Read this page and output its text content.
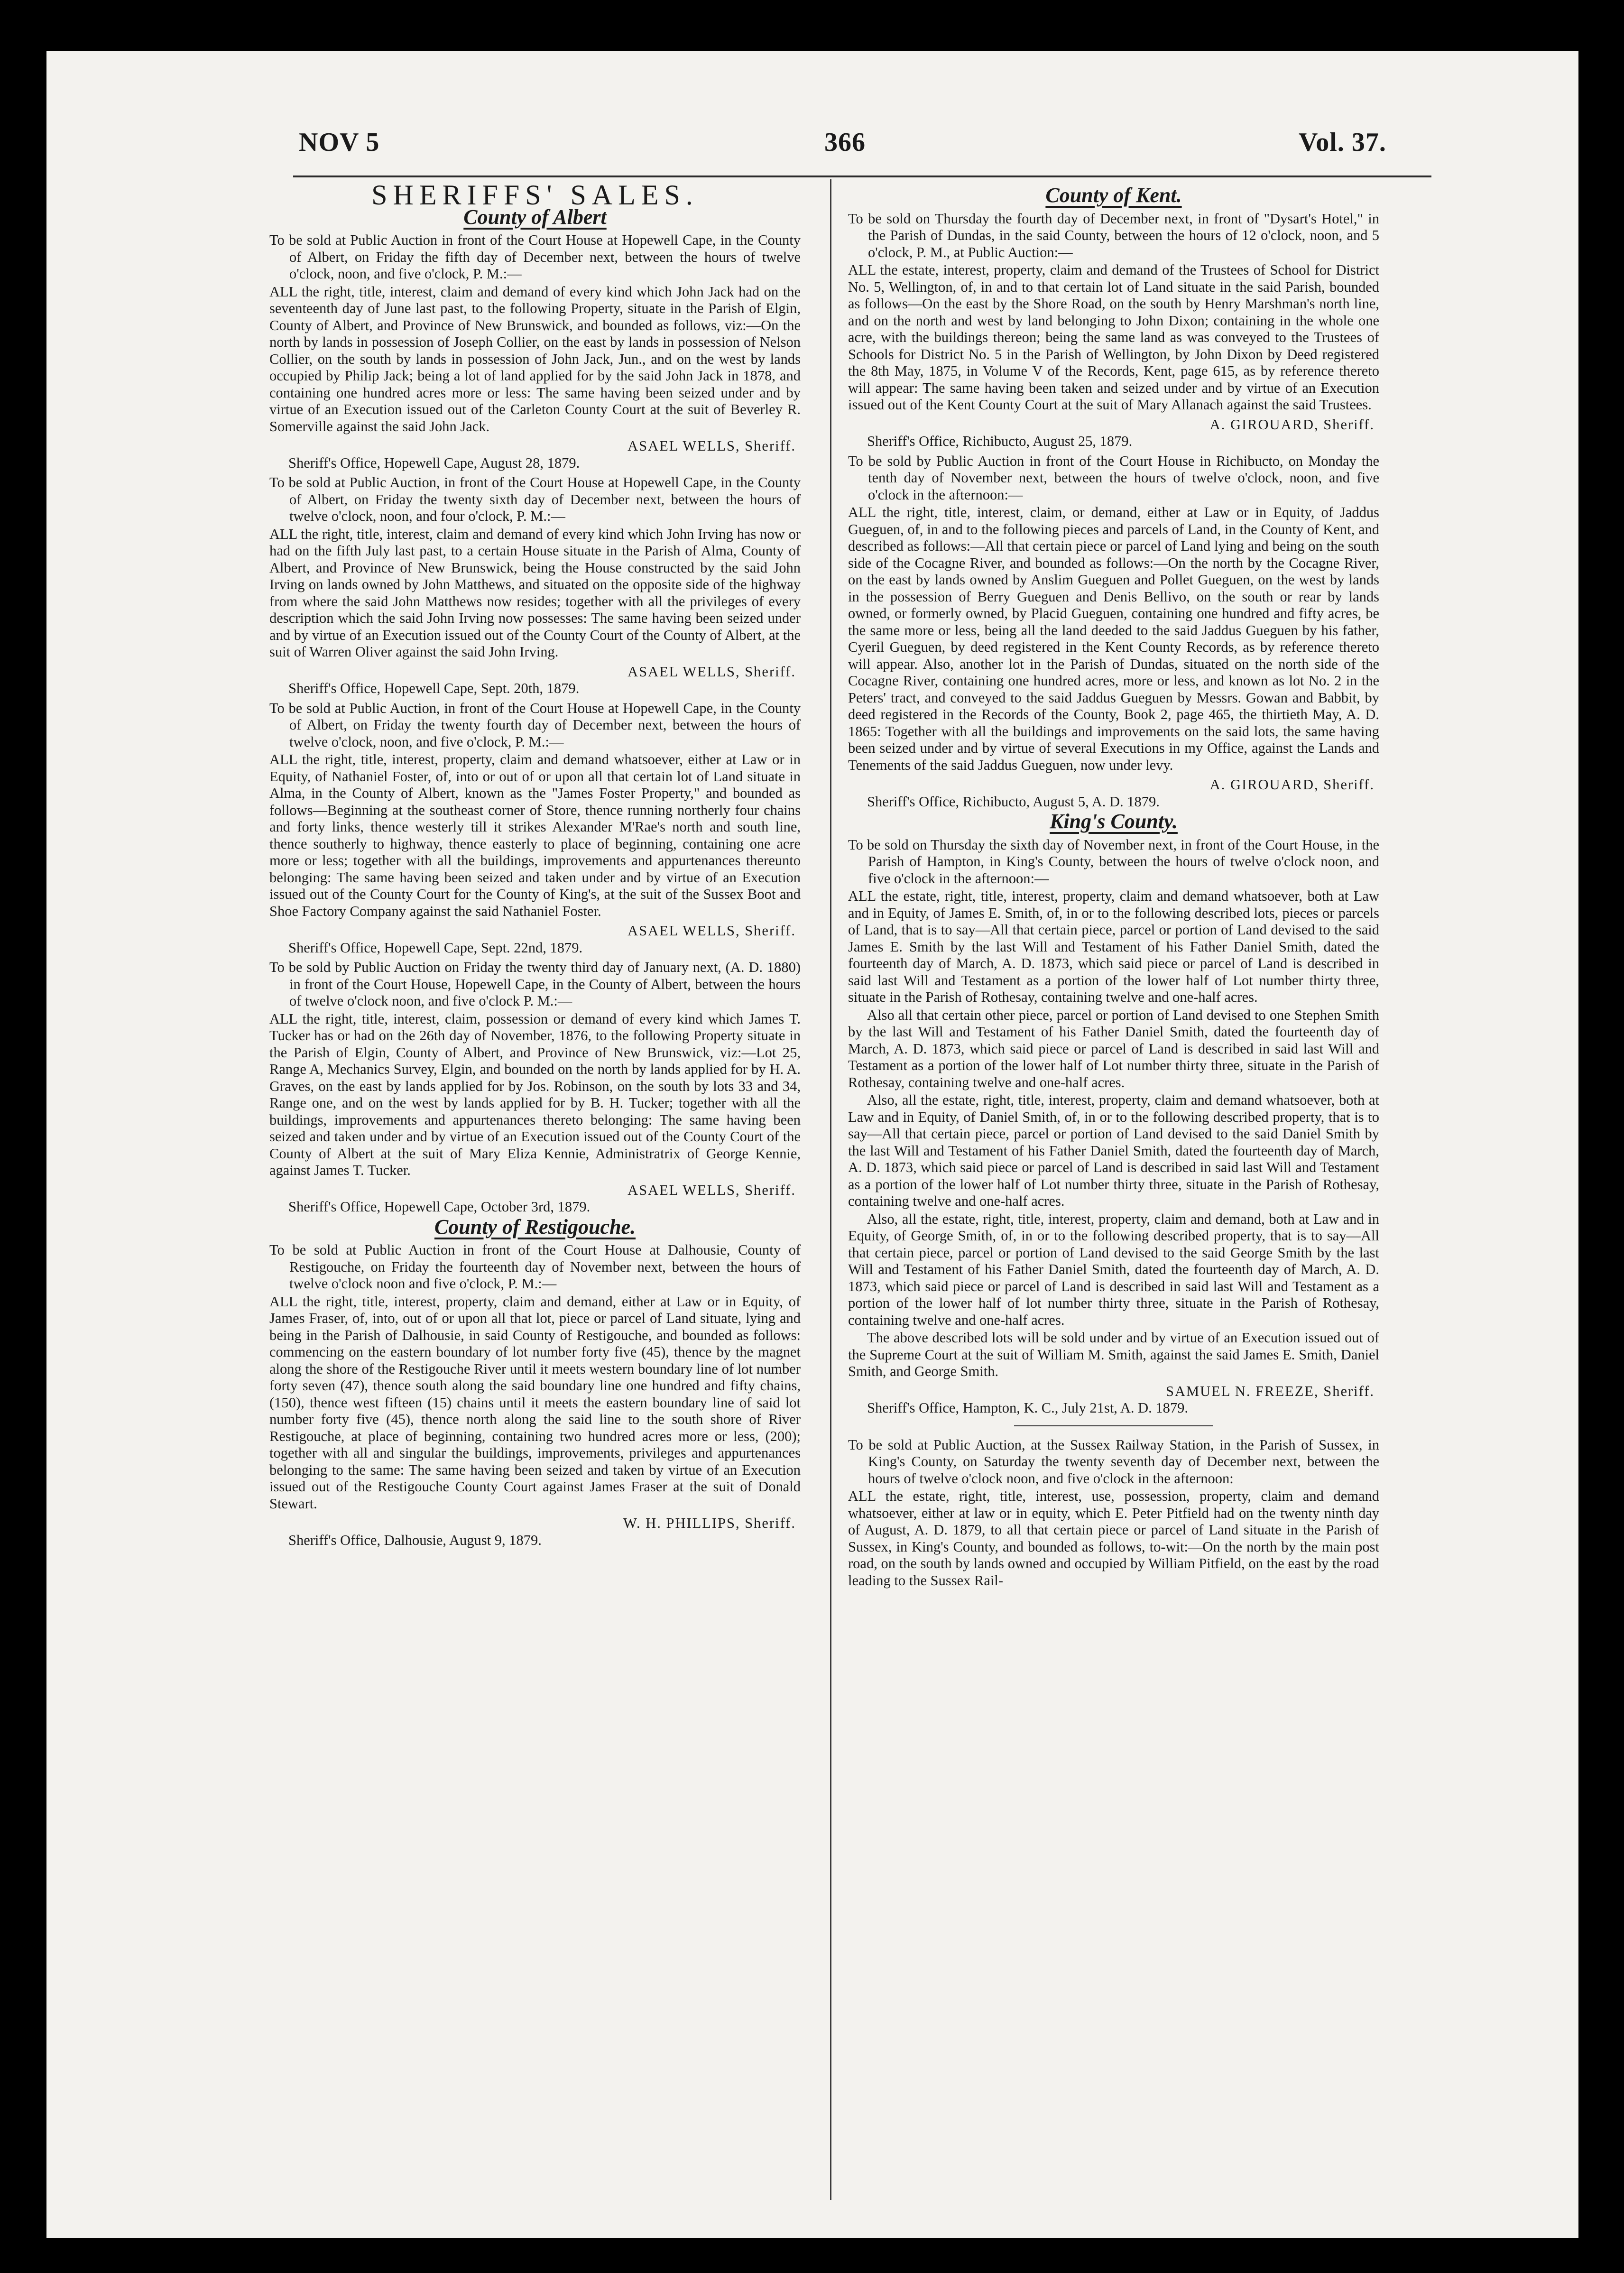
NOV 5	366	Vol. 37.
SHERIFFS' SALES.
County of Albert

To be sold at Public Auction in front of the Court House at Hopewell Cape, in the County of Albert, on Friday the fifth day of December next, between the hours of twelve o'clock, noon, and five o'clock, P. M.:—

ALL the right, title, interest, claim and demand of every kind which John Jack had on the seventeenth day of June last past, to the following Property, situate in the Parish of Elgin, County of Albert, and Province of New Brunswick, and bounded as follows, viz:—On the north by lands in possession of Joseph Collier, on the east by lands in possession of Nelson Collier, on the south by lands in possession of John Jack, Jun., and on the west by lands occupied by Philip Jack; being a lot of land applied for by the said John Jack in 1878, and containing one hundred acres more or less: The same having been seized under and by virtue of an Execution issued out of the Carleton County Court at the suit of Beverley R. Somerville against the said John Jack.

ASAEL WELLS, Sheriff.
Sheriff's Office, Hopewell Cape, August 28, 1879.

To be sold at Public Auction, in front of the Court House at Hopewell Cape, in the County of Albert, on Friday the twenty sixth day of December next, between the hours of twelve o'clock, noon, and four o'clock, P. M.:—

ALL the right, title, interest, claim and demand of every kind which John Irving has now or had on the fifth July last past, to a certain House situate in the Parish of Alma, County of Albert, and Province of New Brunswick, being the House constructed by the said John Irving on lands owned by John Matthews, and situated on the opposite side of the highway from where the said John Matthews now resides; together with all the privileges of every description which the said John Irving now possesses: The same having been seized under and by virtue of an Execution issued out of the County Court of the County of Albert, at the suit of Warren Oliver against the said John Irving.

ASAEL WELLS, Sheriff.
Sheriff's Office, Hopewell Cape, Sept. 20th, 1879.

To be sold at Public Auction, in front of the Court House at Hopewell Cape, in the County of Albert, on Friday the twenty fourth day of December next, between the hours of twelve o'clock, noon, and five o'clock, P. M.:—

ALL the right, title, interest, property, claim and demand whatsoever, either at Law or in Equity, of Nathaniel Foster, of, into or out of or upon all that certain lot of Land situate in Alma, in the County of Albert, known as the "James Foster Property," and bounded as follows—Beginning at the southeast corner of Store, thence running northerly four chains and forty links, thence westerly till it strikes Alexander M'Rae's north and south line, thence southerly to highway, thence easterly to place of beginning, containing one acre more or less; together with all the buildings, improvements and appurtenances thereunto belonging: The same having been seized and taken under and by virtue of an Execution issued out of the County Court for the County of King's, at the suit of the Sussex Boot and Shoe Factory Company against the said Nathaniel Foster.

ASAEL WELLS, Sheriff.
Sheriff's Office, Hopewell Cape, Sept. 22nd, 1879.

To be sold by Public Auction on Friday the twenty third day of January next, (A. D. 1880) in front of the Court House, Hopewell Cape, in the County of Albert, between the hours of twelve o'clock noon, and five o'clock P. M.:—

ALL the right, title, interest, claim, possession or demand of every kind which James T. Tucker has or had on the 26th day of November, 1876, to the following Property situate in the Parish of Elgin, County of Albert, and Province of New Brunswick, viz:—Lot 25, Range A, Mechanics Survey, Elgin, and bounded on the north by lands applied for by H. A. Graves, on the east by lands applied for by Jos. Robinson, on the south by lots 33 and 34, Range one, and on the west by lands applied for by B. H. Tucker; together with all the buildings, improvements and appurtenances thereto belonging: The same having been seized and taken under and by virtue of an Execution issued out of the County Court of the County of Albert at the suit of Mary Eliza Kennie, Administratrix of George Kennie, against James T. Tucker.

ASAEL WELLS, Sheriff.
Sheriff's Office, Hopewell Cape, October 3rd, 1879.
County of Restigouche.

To be sold at Public Auction in front of the Court House at Dalhousie, County of Restigouche, on Friday the fourteenth day of November next, between the hours of twelve o'clock noon and five o'clock, P. M.:—

ALL the right, title, interest, property, claim and demand, either at Law or in Equity, of James Fraser, of, into, out of or upon all that lot, piece or parcel of Land situate, lying and being in the Parish of Dalhousie, in said County of Restigouche, and bounded as follows: commencing on the eastern boundary of lot number forty five (45), thence by the magnet along the shore of the Restigouche River until it meets western boundary line of lot number forty seven (47), thence south along the said boundary line one hundred and fifty chains, (150), thence west fifteen (15) chains until it meets the eastern boundary line of said lot number forty five (45), thence north along the said line to the south shore of River Restigouche, at place of beginning, containing two hundred acres more or less, (200); together with all and singular the buildings, improvements, privileges and appurtenances belonging to the same: The same having been seized and taken by virtue of an Execution issued out of the Restigouche County Court against James Fraser at the suit of Donald Stewart.

W. H. PHILLIPS, Sheriff.
Sheriff's Office, Dalhousie, August 9, 1879.
County of Kent.

To be sold on Thursday the fourth day of December next, in front of "Dysart's Hotel," in the Parish of Dundas, in the said County, between the hours of 12 o'clock, noon, and 5 o'clock, P. M., at Public Auction:—

ALL the estate, interest, property, claim and demand of the Trustees of School for District No. 5, Wellington, of, in and to that certain lot of Land situate in the said Parish, bounded as follows—On the east by the Shore Road, on the south by Henry Marshman's north line, and on the north and west by land belonging to John Dixon; containing in the whole one acre, with the buildings thereon; being the same land as was conveyed to the Trustees of Schools for District No. 5 in the Parish of Wellington, by John Dixon by Deed registered the 8th May, 1875, in Volume V of the Records, Kent, page 615, as by reference thereto will appear: The same having been taken and seized under and by virtue of an Execution issued out of the Kent County Court at the suit of Mary Allanach against the said Trustees.

A. GIROUARD, Sheriff.
Sheriff's Office, Richibucto, August 25, 1879.

To be sold by Public Auction in front of the Court House in Richibucto, on Monday the tenth day of November next, between the hours of twelve o'clock, noon, and five o'clock in the afternoon:—

ALL the right, title, interest, claim, or demand, either at Law or in Equity, of Jaddus Gueguen, of, in and to the following pieces and parcels of Land, in the County of Kent, and described as follows:—All that certain piece or parcel of Land lying and being on the south side of the Cocagne River, and bounded as follows:—On the north by the Cocagne River, on the east by lands owned by Anslim Gueguen and Pollet Gueguen, on the west by lands in the possession of Berry Gueguen and Denis Bellivo, on the south or rear by lands owned, or formerly owned, by Placid Gueguen, containing one hundred and fifty acres, be the same more or less, being all the land deeded to the said Jaddus Gueguen by his father, Cyeril Gueguen, by deed registered in the Kent County Records, as by reference thereto will appear. Also, another lot in the Parish of Dundas, situated on the north side of the Cocagne River, containing one hundred acres, more or less, and known as lot No. 2 in the Peters' tract, and conveyed to the said Jaddus Gueguen by Messrs. Gowan and Babbit, by deed registered in the Records of the County, Book 2, page 465, the thirtieth May, A. D. 1865: Together with all the buildings and improvements on the said lots, the same having been seized under and by virtue of several Executions in my Office, against the Lands and Tenements of the said Jaddus Gueguen, now under levy.

A. GIROUARD, Sheriff.
Sheriff's Office, Richibucto, August 5, A. D. 1879.
King's County.

To be sold on Thursday the sixth day of November next, in front of the Court House, in the Parish of Hampton, in King's County, between the hours of twelve o'clock noon, and five o'clock in the afternoon:—

ALL the estate, right, title, interest, property, claim and demand whatsoever, both at Law and in Equity, of James E. Smith, of, in or to the following described lots, pieces or parcels of Land, that is to say—All that certain piece, parcel or portion of Land devised to the said James E. Smith by the last Will and Testament of his Father Daniel Smith, dated the fourteenth day of March, A. D. 1873, which said piece or parcel of Land is described in said last Will and Testament as a portion of the lower half of Lot number thirty three, situate in the Parish of Rothesay, containing twelve and one-half acres.

Also all that certain other piece, parcel or portion of Land devised to one Stephen Smith by the last Will and Testament of his Father Daniel Smith, dated the fourteenth day of March, A. D. 1873, which said piece or parcel of Land is described in said last Will and Testament as a portion of the lower half of Lot number thirty three, situate in the Parish of Rothesay, containing twelve and one-half acres.

Also, all the estate, right, title, interest, property, claim and demand whatsoever, both at Law and in Equity, of Daniel Smith, of, in or to the following described property, that is to say—All that certain piece, parcel or portion of Land devised to the said Daniel Smith by the last Will and Testament of his Father Daniel Smith, dated the fourteenth day of March, A. D. 1873, which said piece or parcel of Land is described in said last Will and Testament as a portion of the lower half of Lot number thirty three, situate in the Parish of Rothesay, containing twelve and one-half acres.

Also, all the estate, right, title, interest, property, claim and demand, both at Law and in Equity, of George Smith, of, in or to the following described property, that is to say—All that certain piece, parcel or portion of Land devised to the said George Smith by the last Will and Testament of his Father Daniel Smith, dated the fourteenth day of March, A. D. 1873, which said piece or parcel of Land is described in said last Will and Testament as a portion of the lower half of lot number thirty three, situate in the Parish of Rothesay, containing twelve and one-half acres.

The above described lots will be sold under and by virtue of an Execution issued out of the Supreme Court at the suit of William M. Smith, against the said James E. Smith, Daniel Smith, and George Smith.

SAMUEL N. FREEZE, Sheriff.
Sheriff's Office, Hampton, K. C., July 21st, A. D. 1879.

To be sold at Public Auction, at the Sussex Railway Station, in the Parish of Sussex, in King's County, on Saturday the twenty seventh day of December next, between the hours of twelve o'clock noon, and five o'clock in the afternoon:

ALL the estate, right, title, interest, use, possession, property, claim and demand whatsoever, either at law or in equity, which E. Peter Pitfield had on the twenty ninth day of August, A. D. 1879, to all that certain piece or parcel of Land situate in the Parish of Sussex, in King's County, and bounded as follows, to-wit:—On the north by the main post road, on the south by lands owned and occupied by William Pitfield, on the east by the road leading to the Sussex Rail-
